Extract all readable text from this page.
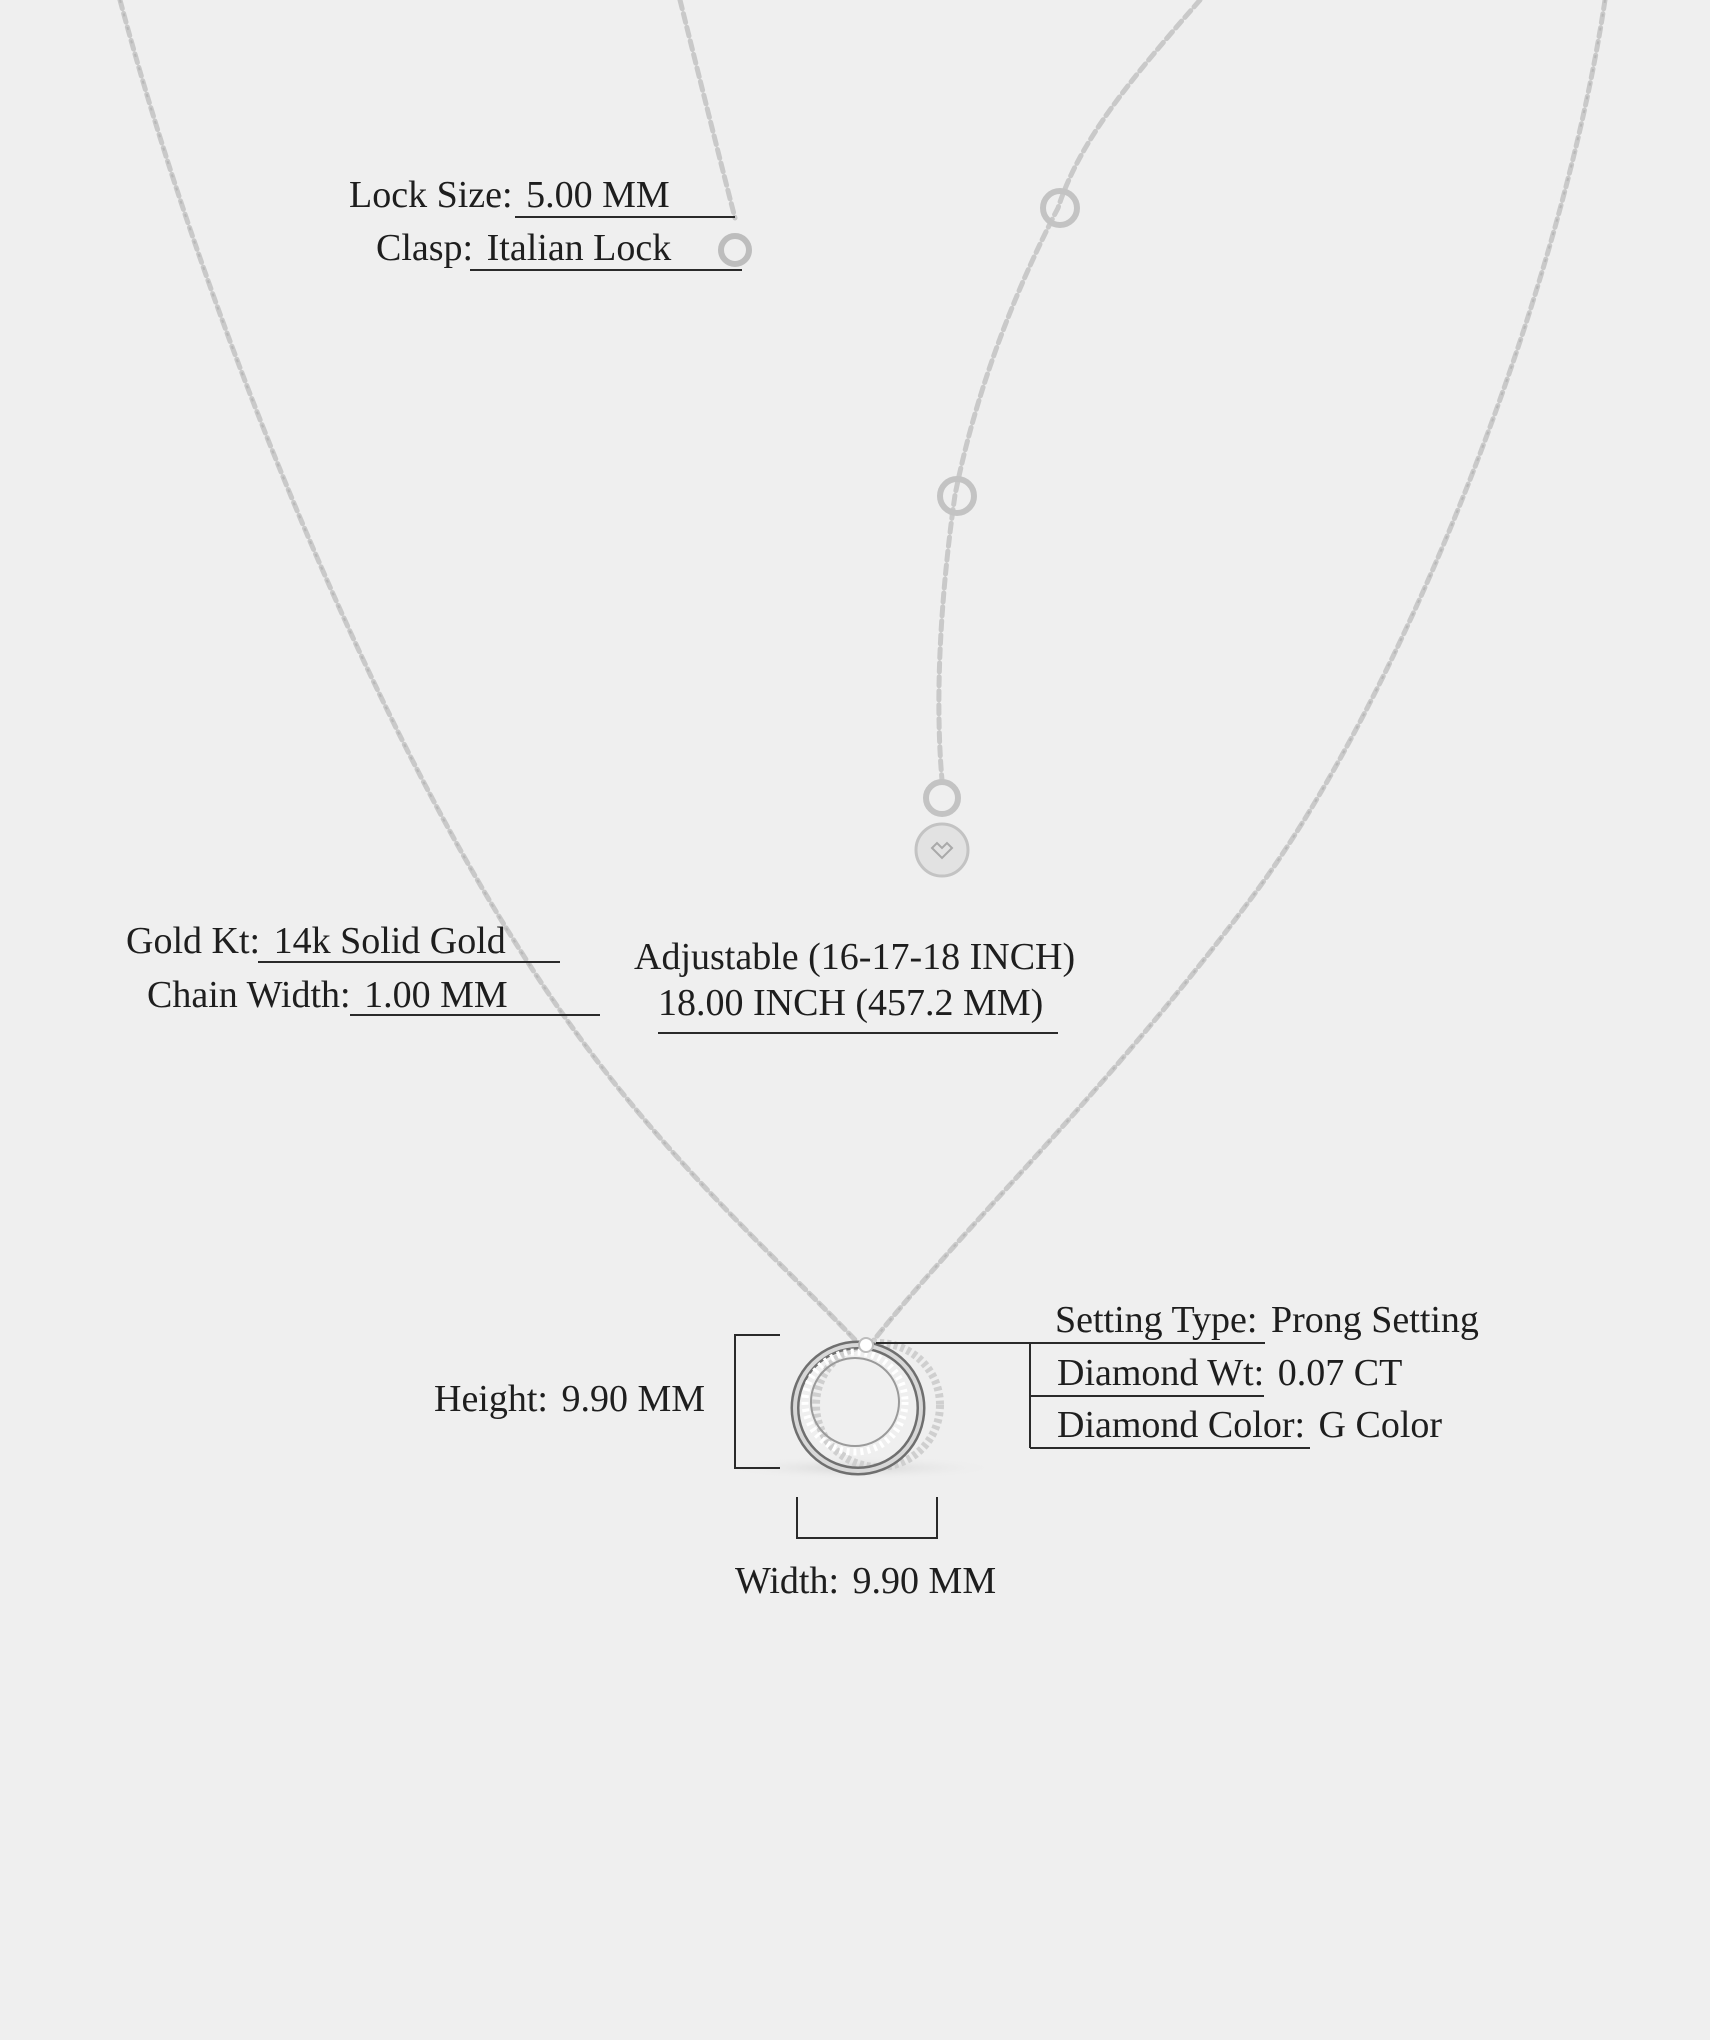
Lock Size: 5.00 MM
Clasp: Italian Lock
Gold Kt: 14k Solid Gold
Chain Width: 1.00 MM
Adjustable (16-17-18 INCH)
18.00 INCH (457.2 MM)
Setting Type: Prong Setting
Diamond Wt: 0.07 CT
Diamond Color: G Color
Height: 9.90 MM
Width: 9.90 MM
